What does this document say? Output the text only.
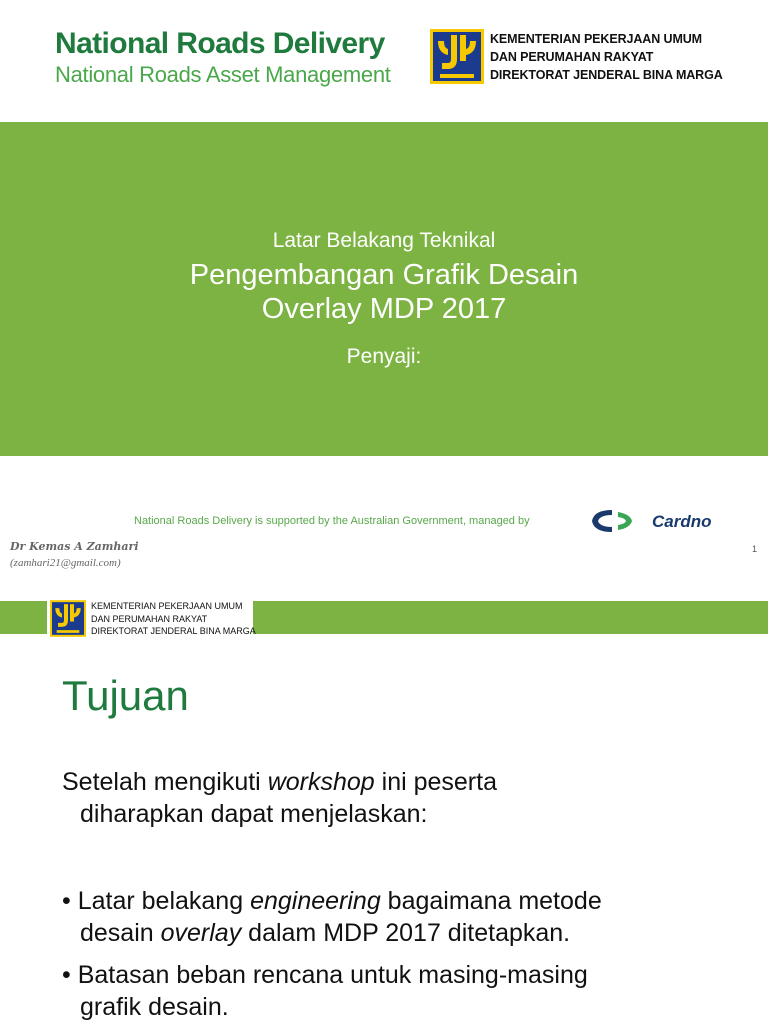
National Roads Delivery
National Roads Asset Management
KEMENTERIAN PEKERJAAN UMUM
DAN PERUMAHAN RAKYAT
DIREKTORAT JENDERAL BINA MARGA
Latar Belakang Teknikal
Pengembangan Grafik Desain
Overlay MDP 2017
Penyaji:
National Roads Delivery is supported by the Australian Government, managed by	Cardno
Dr Kemas A Zamhari
(zamhari21@gmail.com)
1
KEMENTERIAN PEKERJAAN UMUM
DAN PERUMAHAN RAKYAT
DIREKTORAT JENDERAL BINA MARGA
Tujuan
Setelah mengikuti workshop ini peserta
diharapkan dapat menjelaskan:
• Latar belakang engineering bagaimana metode
desain overlay dalam MDP 2017 ditetapkan.
• Batasan beban rencana untuk masing-masing
grafik desain.
